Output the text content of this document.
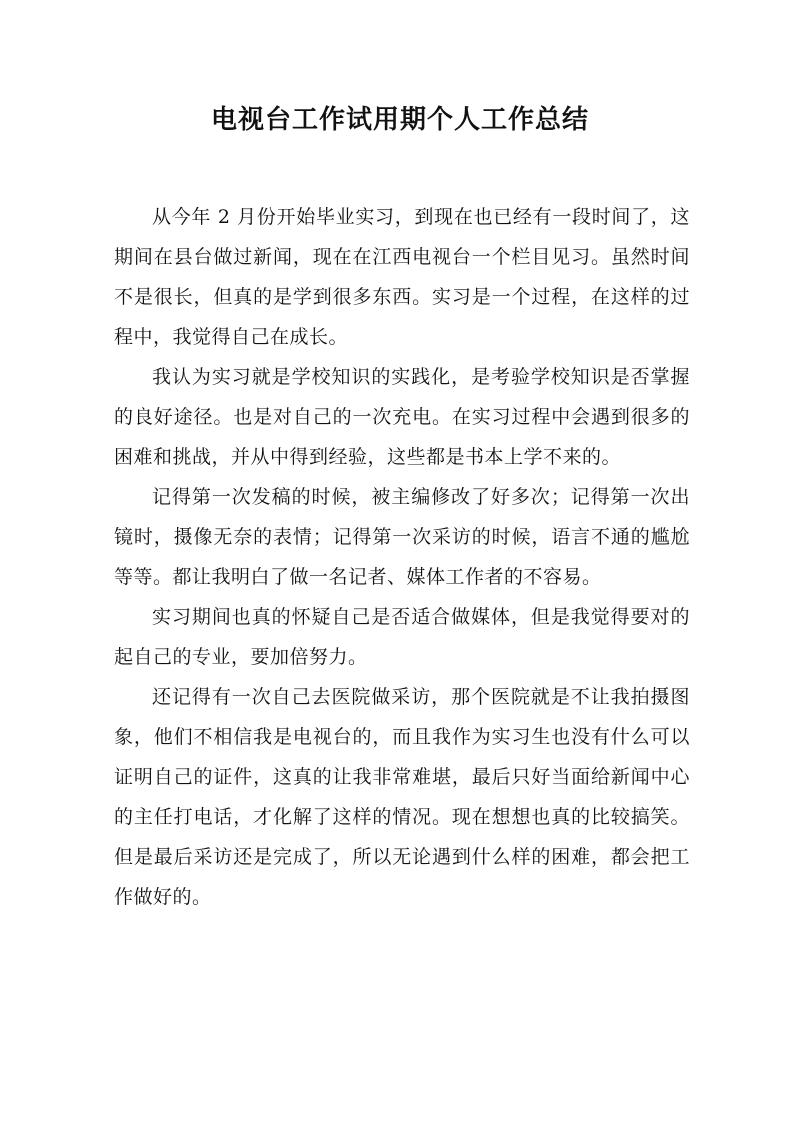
电视台工作试用期个人工作总结

从今年 2 月份开始毕业实习，到现在也已经有一段时间了，这期间在县台做过新闻，现在在江西电视台一个栏目见习。虽然时间不是很长，但真的是学到很多东西。实习是一个过程，在这样的过程中，我觉得自己在成长。

我认为实习就是学校知识的实践化，是考验学校知识是否掌握的良好途径。也是对自己的一次充电。在实习过程中会遇到很多的困难和挑战，并从中得到经验，这些都是书本上学不来的。

记得第一次发稿的时候，被主编修改了好多次；记得第一次出镜时，摄像无奈的表情；记得第一次采访的时候，语言不通的尴尬等等。都让我明白了做一名记者、媒体工作者的不容易。

实习期间也真的怀疑自己是否适合做媒体，但是我觉得要对的起自己的专业，要加倍努力。

还记得有一次自己去医院做采访，那个医院就是不让我拍摄图象，他们不相信我是电视台的，而且我作为实习生也没有什么可以证明自己的证件，这真的让我非常难堪，最后只好当面给新闻中心的主任打电话，才化解了这样的情况。现在想想也真的比较搞笑。但是最后采访还是完成了，所以无论遇到什么样的困难，都会把工作做好的。
